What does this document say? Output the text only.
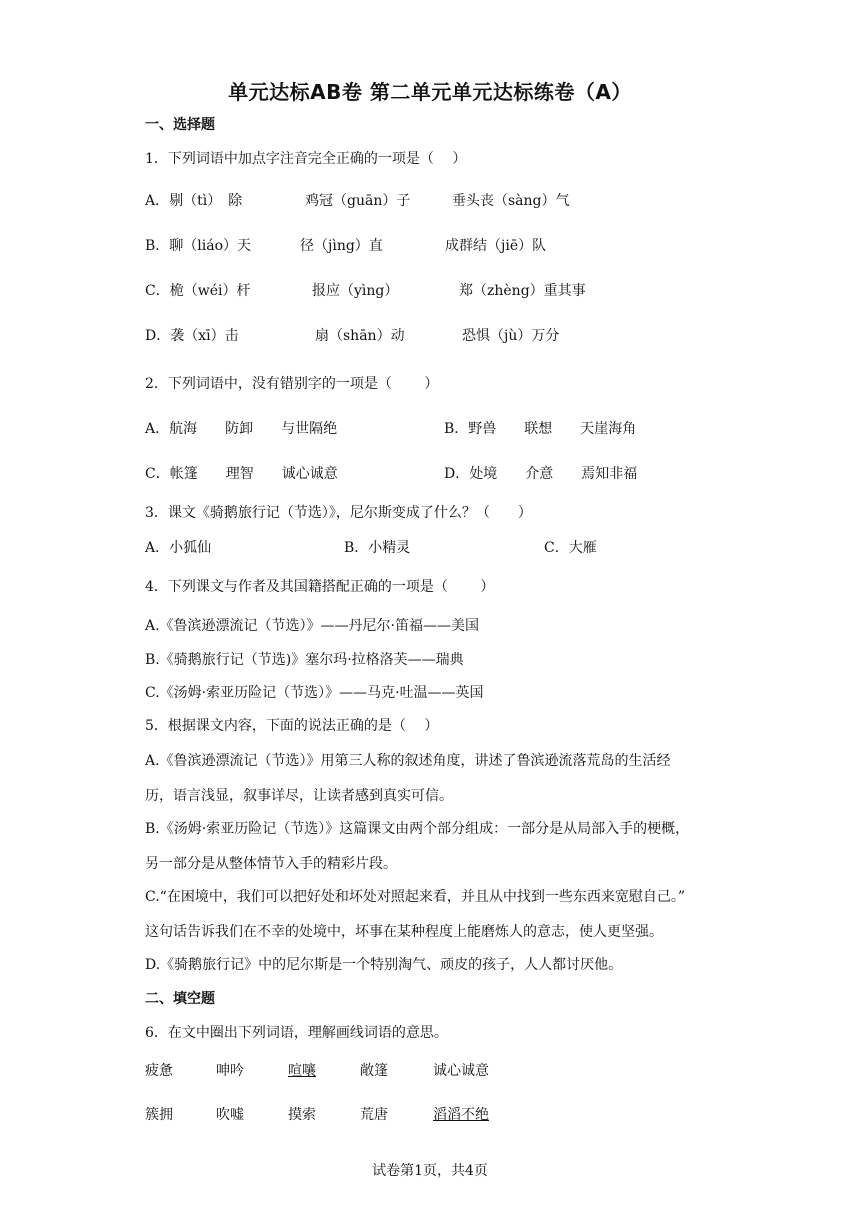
单元达标AB卷 第二单元单元达标练卷（A）
一、选择题
1．下列词语中加点字注音完全正确的一项是（　 ）
A．剔（tì）　除	鸡冠（guān）子	垂头丧（sàng）气
B．聊（liáo）天	径（jìng）直	成群结（jiē）队
C．桅（wéi）杆	报应（yìng）	郑（zhèng）重其事
D．袭（xī）击	扇（shān）动	恐惧（jù）万分
2．下列词语中，没有错别字的一项是（　　 ）
A．航海　　防卸　　与世隔绝	B．野兽　　联想　　天崖海角
C．帐篷　　理智　　诚心诚意	D．处境　　介意　　焉知非福
3．课文《骑鹅旅行记（节选）》，尼尔斯变成了什么？（　　）
A．小狐仙	B．小精灵	C．大雁
4．下列课文与作者及其国籍搭配正确的一项是（　　 ）
A.《鲁滨逊漂流记（节选）》——丹尼尔·笛福——美国
B.《骑鹅旅行记（节选)》塞尔玛·拉格洛芙——瑞典
C.《汤姆·索亚历险记（节选）》——马克·吐温——英国
5．根据课文内容，下面的说法正确的是（　 ）
A.《鲁滨逊漂流记（节选）》用第三人称的叙述角度，讲述了鲁滨逊流落荒岛的生活经
历，语言浅显，叙事详尽，让读者感到真实可信。
B.《汤姆·索亚历险记（节选）》这篇课文由两个部分组成：一部分是从局部入手的梗概，
另一部分是从整体情节入手的精彩片段。
C.“在困境中，我们可以把好处和坏处对照起来看，并且从中找到一些东西来宽慰自己。”
这句话告诉我们在不幸的处境中，坏事在某种程度上能磨炼人的意志，使人更坚强。
D.《骑鹅旅行记》中的尼尔斯是一个特别淘气、顽皮的孩子，人人都讨厌他。
二、填空题
6．在文中圈出下列词语，理解画线词语的意思。
疲惫	呻吟	喧嚷	敞篷	诚心诚意
簇拥	吹嘘	摸索	荒唐	滔滔不绝
试卷第1页，共4页
